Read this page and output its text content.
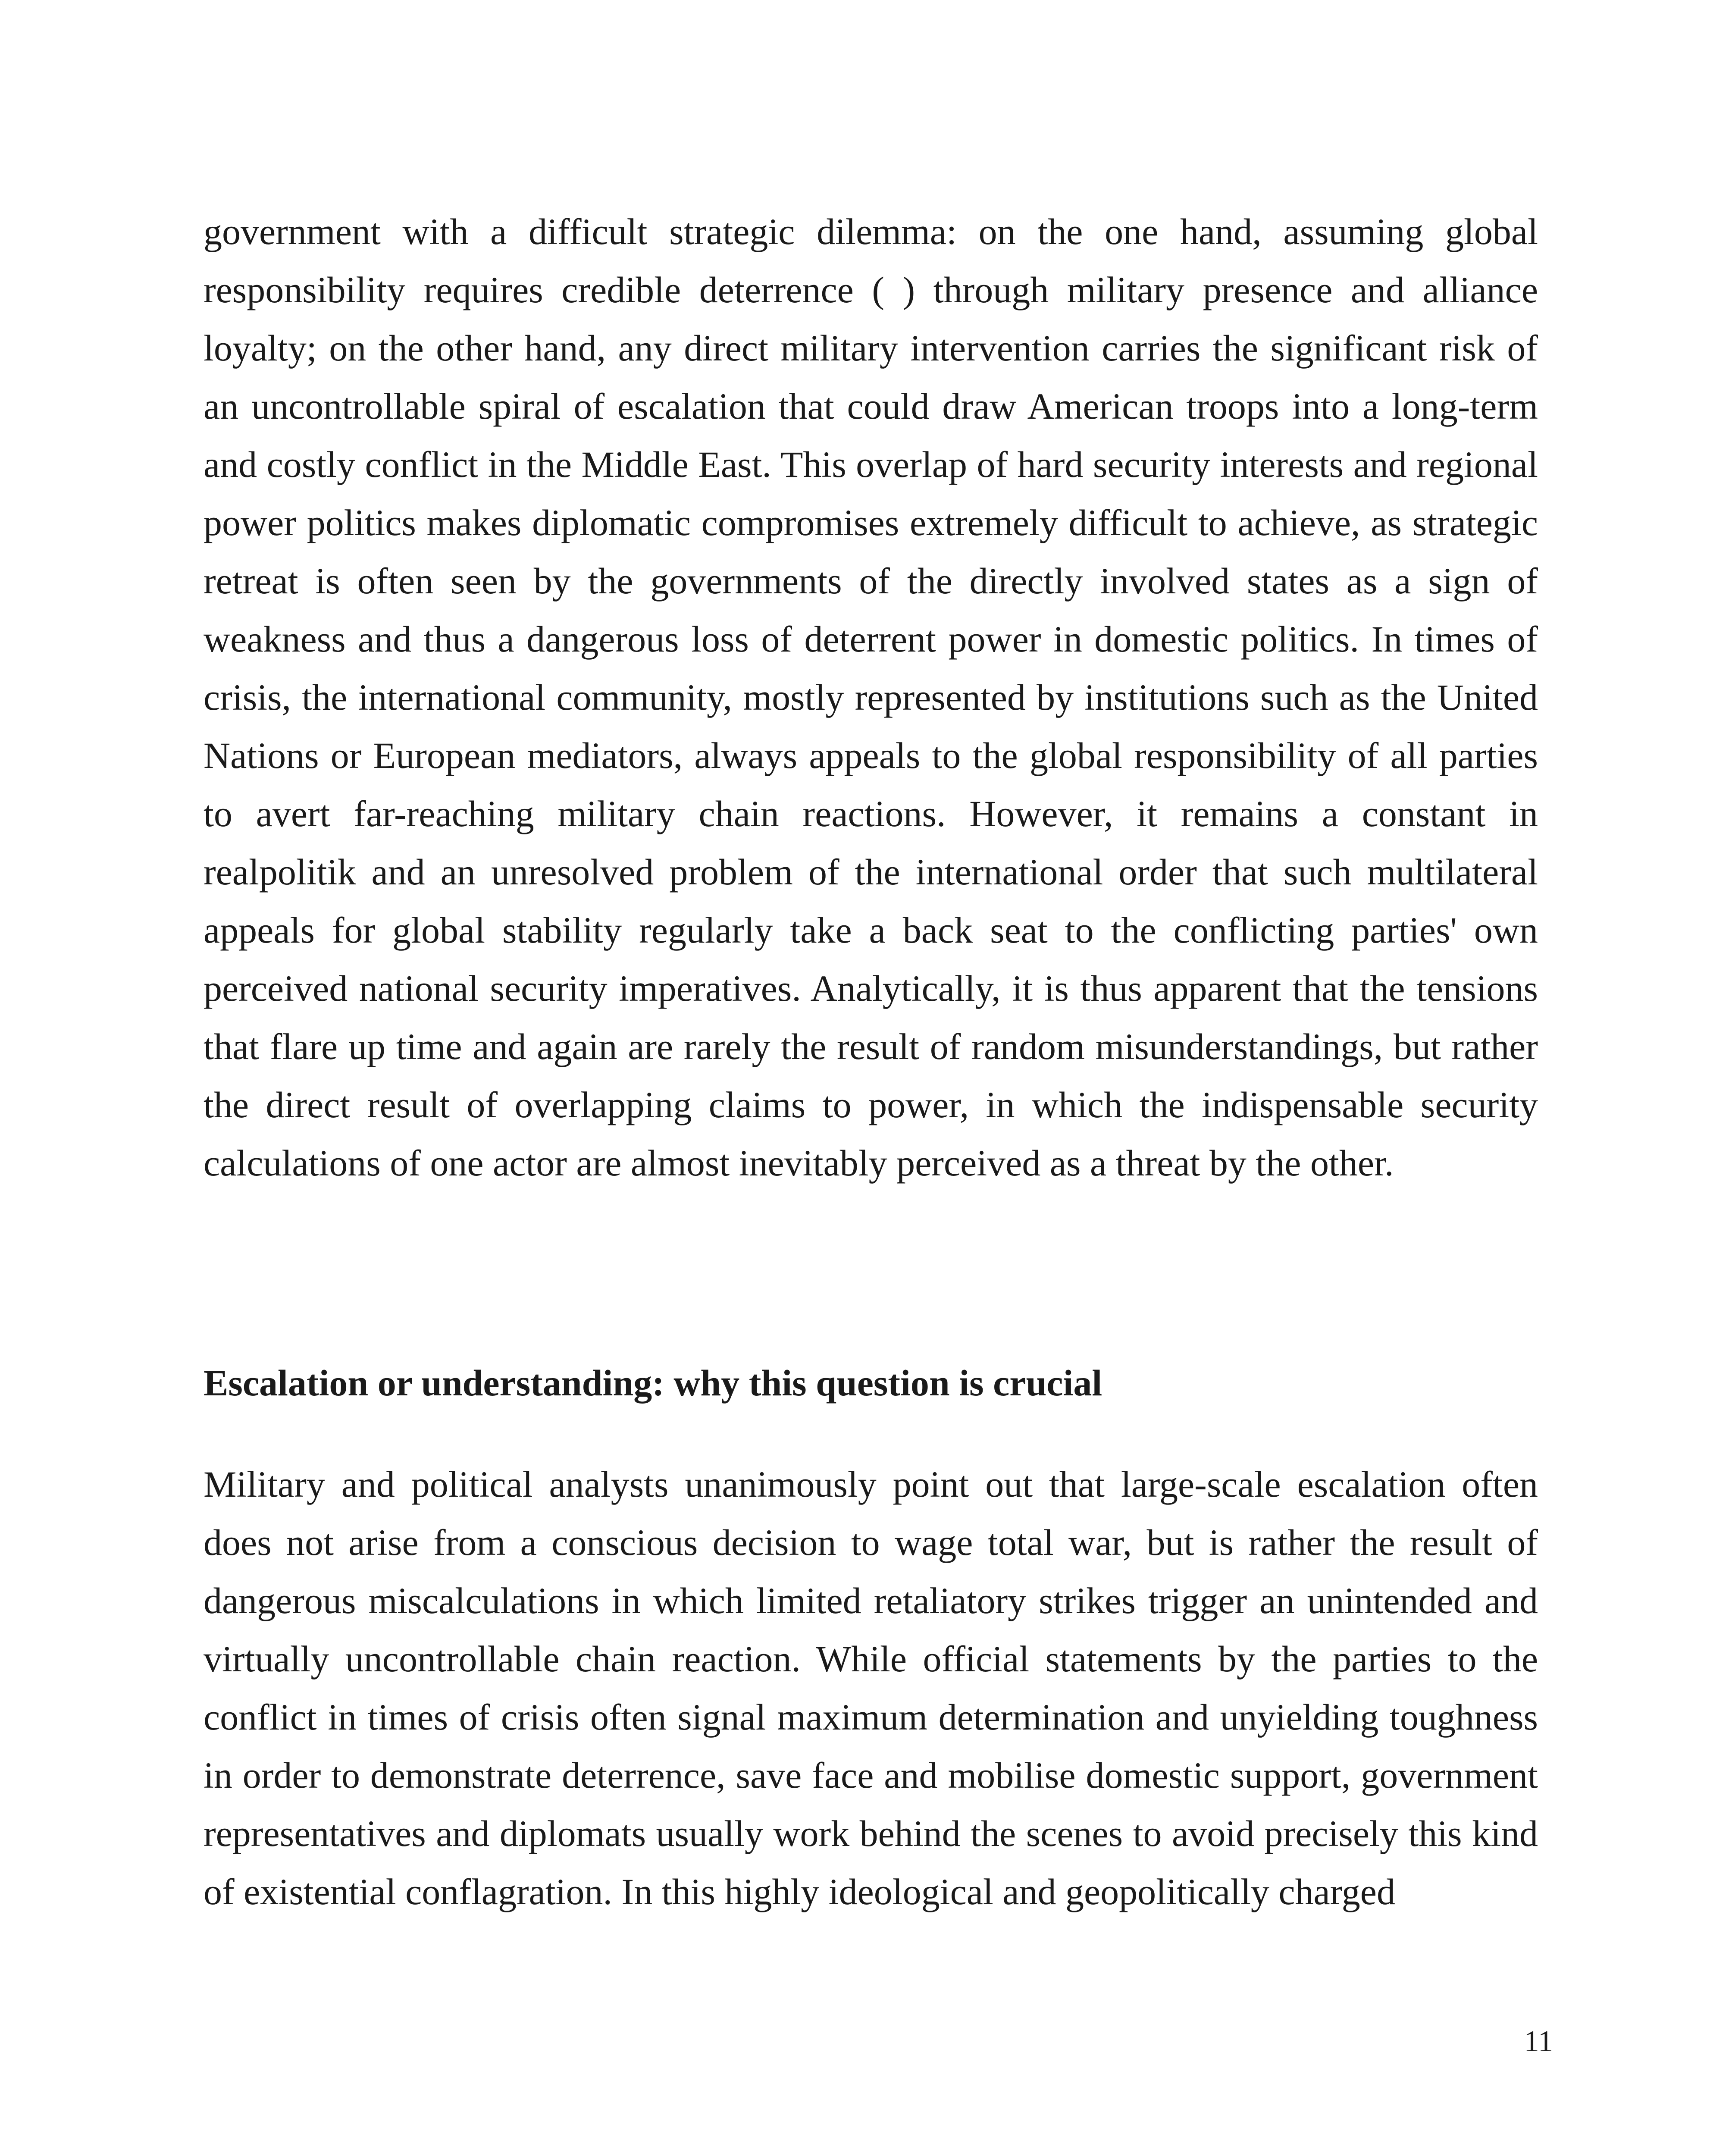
government with a difficult strategic dilemma: on the one hand, assuming global responsibility requires credible deterrence ( ) through military presence and alliance loyalty; on the other hand, any direct military intervention carries the significant risk of an uncontrollable spiral of escalation that could draw American troops into a long-term and costly conflict in the Middle East. This overlap of hard security interests and regional power politics makes diplomatic compromises extremely difficult to achieve, as strategic retreat is often seen by the governments of the directly involved states as a sign of weakness and thus a dangerous loss of deterrent power in domestic politics. In times of crisis, the international community, mostly represented by institutions such as the United Nations or European mediators, always appeals to the global responsibility of all parties to avert far-reaching military chain reactions. However, it remains a constant in realpolitik and an unresolved problem of the international order that such multilateral appeals for global stability regularly take a back seat to the conflicting parties' own perceived national security imperatives. Analytically, it is thus apparent that the tensions that flare up time and again are rarely the result of random misunderstandings, but rather the direct result of overlapping claims to power, in which the indispensable security calculations of one actor are almost inevitably perceived as a threat by the other.

Escalation or understanding: why this question is crucial

Military and political analysts unanimously point out that large-scale escalation often does not arise from a conscious decision to wage total war, but is rather the result of dangerous miscalculations in which limited retaliatory strikes trigger an unintended and virtually uncontrollable chain reaction. While official statements by the parties to the conflict in times of crisis often signal maximum determination and unyielding toughness in order to demonstrate deterrence, save face and mobilise domestic support, government representatives and diplomats usually work behind the scenes to avoid precisely this kind of existential conflagration. In this highly ideological and geopolitically charged

11
